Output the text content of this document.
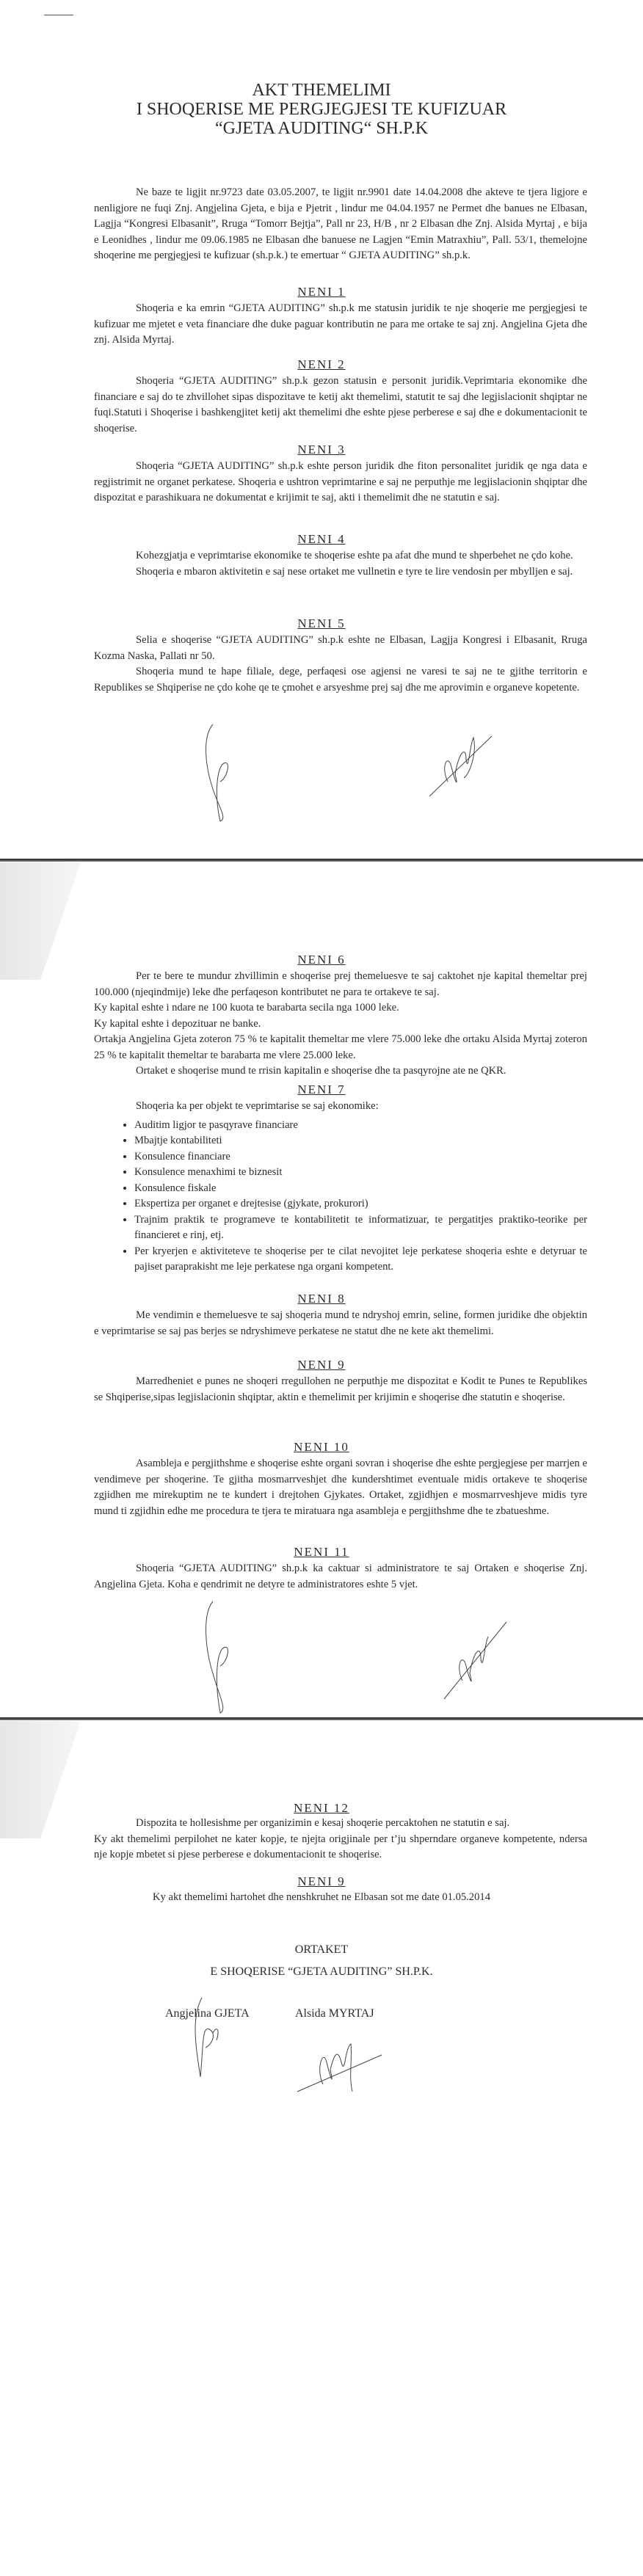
AKT THEMELIMI
I SHOQERISE ME PERGJEGJESI TE KUFIZUAR
“GJETA AUDITING“ SH.P.K

Ne baze te ligjit nr.9723 date 03.05.2007, te ligjit nr.9901 date 14.04.2008 dhe akteve te tjera ligjore e nenligjore ne fuqi Znj. Angjelina Gjeta, e bija e Pjetrit , lindur me 04.04.1957 ne Permet dhe banues ne Elbasan, Lagjja “Kongresi Elbasanit”, Rruga “Tomorr Bejtja”, Pall nr 23, H/B , nr 2 Elbasan dhe Znj. Alsida Myrtaj , e bija e Leonidhes , lindur me 09.06.1985 ne Elbasan dhe banuese ne Lagjen “Emin Matraxhiu”, Pall. 53/1, themelojne shoqerine me pergjegjesi te kufizuar (sh.p.k.) te emertuar “ GJETA AUDITING” sh.p.k.

NENI 1

Shoqeria e ka emrin “GJETA AUDITING” sh.p.k me statusin juridik te nje shoqerie me pergjegjesi te kufizuar me mjetet e veta financiare dhe duke paguar kontributin ne para me ortake te saj znj. Angjelina Gjeta dhe znj. Alsida Myrtaj.

NENI 2

Shoqeria “GJETA AUDITING” sh.p.k gezon statusin e personit juridik.Veprimtaria ekonomike dhe financiare e saj do te zhvillohet sipas dispozitave te ketij akt themelimi, statutit te saj dhe legjislacionit shqiptar ne fuqi.Statuti i Shoqerise i bashkengjitet ketij akt themelimi dhe eshte pjese perberese e saj dhe e dokumentacionit te shoqerise.

NENI 3

Shoqeria “GJETA AUDITING” sh.p.k eshte person juridik dhe fiton personalitet juridik qe nga data e regjistrimit ne organet perkatese. Shoqeria e ushtron veprimtarine e saj ne perputhje me legjislacionin shqiptar dhe dispozitat e parashikuara ne dokumentat e krijimit te saj, akti i themelimit dhe ne statutin e saj.

NENI 4

Kohezgjatja e veprimtarise ekonomike te shoqerise eshte pa afat dhe mund te shperbehet ne çdo kohe.

Shoqeria e mbaron aktivitetin e saj nese ortaket me vullnetin e tyre te lire vendosin per mbylljen e saj.

NENI 5

Selia e shoqerise “GJETA AUDITING” sh.p.k eshte ne Elbasan, Lagjja Kongresi i Elbasanit, Rruga Kozma Naska, Pallati nr 50.

Shoqeria mund te hape filiale, dege, perfaqesi ose agjensi ne varesi te saj ne te gjithe territorin e Republikes se Shqiperise ne çdo kohe qe te çmohet e arsyeshme prej saj dhe me aprovimin e organeve kopetente.

NENI 6

Per te bere te mundur zhvillimin e shoqerise prej themeluesve te saj caktohet nje kapital themeltar prej 100.000 (njeqindmije) leke dhe perfaqeson kontributet ne para te ortakeve te saj.

Ky kapital eshte i ndare ne 100 kuota te barabarta secila nga 1000 leke.

Ky kapital eshte i depozituar ne banke.

Ortakja Angjelina Gjeta zoteron 75 % te kapitalit themeltar me vlere 75.000 leke dhe ortaku Alsida Myrtaj zoteron 25 % te kapitalit themeltar te barabarta me vlere 25.000 leke.

Ortaket e shoqerise mund te rrisin kapitalin e shoqerise dhe ta pasqyrojne ate ne QKR.

NENI 7

Shoqeria ka per objekt te veprimtarise se saj ekonomike:

• Auditim ligjor te pasqyrave financiare
• Mbajtje kontabiliteti
• Konsulence financiare
• Konsulence menaxhimi te biznesit
• Konsulence fiskale
• Ekspertiza per organet e drejtesise (gjykate, prokurori)
• Trajnim praktik te programeve te kontabilitetit te informatizuar, te pergatitjes praktiko-teorike per financieret e rinj, etj.
• Per kryerjen e aktiviteteve te shoqerise per te cilat nevojitet leje perkatese shoqeria eshte e detyruar te pajiset paraprakisht me leje perkatese nga organi kompetent.
NENI 8

Me vendimin e themeluesve te saj shoqeria mund te ndryshoj emrin, seline, formen juridike dhe objektin e veprimtarise se saj pas berjes se ndryshimeve perkatese ne statut dhe ne kete akt themelimi.

NENI 9

Marredheniet e punes ne shoqeri rregullohen ne perputhje me dispozitat e Kodit te Punes te Republikes se Shqiperise,sipas legjislacionin shqiptar, aktin e themelimit per krijimin e shoqerise dhe statutin e shoqerise.

NENI 10

Asambleja e pergjithshme e shoqerise eshte organi sovran i shoqerise dhe eshte pergjegjese per marrjen e vendimeve per shoqerine. Te gjitha mosmarrveshjet dhe kundershtimet eventuale midis ortakeve te shoqerise zgjidhen me mirekuptim ne te kundert i drejtohen Gjykates. Ortaket, zgjidhjen e mosmarrveshjeve midis tyre mund ti zgjidhin edhe me procedura te tjera te miratuara nga asambleja e pergjithshme dhe te zbatueshme.

NENI 11

Shoqeria “GJETA AUDITING” sh.p.k ka caktuar si administratore te saj Ortaken e shoqerise Znj. Angjelina Gjeta. Koha e qendrimit ne detyre te administratores eshte 5 vjet.

NENI 12

Dispozita te hollesishme per organizimin e kesaj shoqerie percaktohen ne statutin e saj.

Ky akt themelimi perpilohet ne kater kopje, te njejta origjinale per t’ju shperndare organeve kompetente, ndersa nje kopje mbetet si pjese perberese e dokumentacionit te shoqerise.

NENI 9
Ky akt themelimi hartohet dhe nenshkruhet ne Elbasan sot me date 01.05.2014
ORTAKET
E SHOQERISE “GJETA AUDITING” SH.P.K.
Angjelina GJETA	Alsida MYRTAJ
